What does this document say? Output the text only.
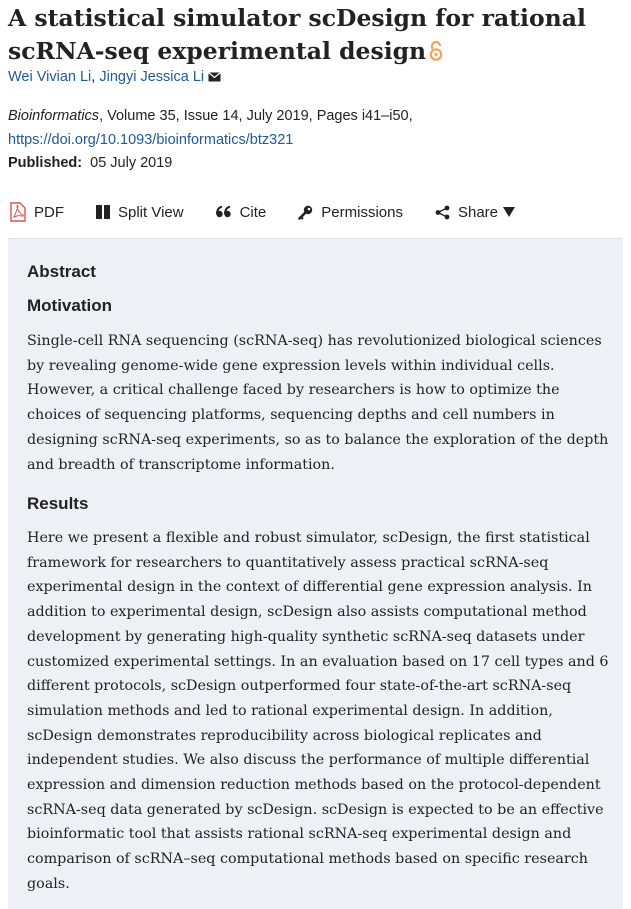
A statistical simulator scDesign for rational scRNA-seq experimental design
Wei Vivian Li, Jingyi Jessica Li
Bioinformatics, Volume 35, Issue 14, July 2019, Pages i41–i50,
https://doi.org/10.1093/bioinformatics/btz321
Published: 05 July 2019
PDF	Split View	Cite	Permissions	Share
Abstract
Motivation

Single-cell RNA sequencing (scRNA-seq) has revolutionized biological sciences by revealing genome-wide gene expression levels within individual cells. However, a critical challenge faced by researchers is how to optimize the choices of sequencing platforms, sequencing depths and cell numbers in designing scRNA-seq experiments, so as to balance the exploration of the depth and breadth of transcriptome information.

Results

Here we present a flexible and robust simulator, scDesign, the first statistical framework for researchers to quantitatively assess practical scRNA-seq experimental design in the context of differential gene expression analysis. In addition to experimental design, scDesign also assists computational method development by generating high-quality synthetic scRNA-seq datasets under customized experimental settings. In an evaluation based on 17 cell types and 6 different protocols, scDesign outperformed four state-of-the-art scRNA-seq simulation methods and led to rational experimental design. In addition, scDesign demonstrates reproducibility across biological replicates and independent studies. We also discuss the performance of multiple differential expression and dimension reduction methods based on the protocol-dependent scRNA-seq data generated by scDesign. scDesign is expected to be an effective bioinformatic tool that assists rational scRNA-seq experimental design and comparison of scRNA–seq computational methods based on specific research goals.
